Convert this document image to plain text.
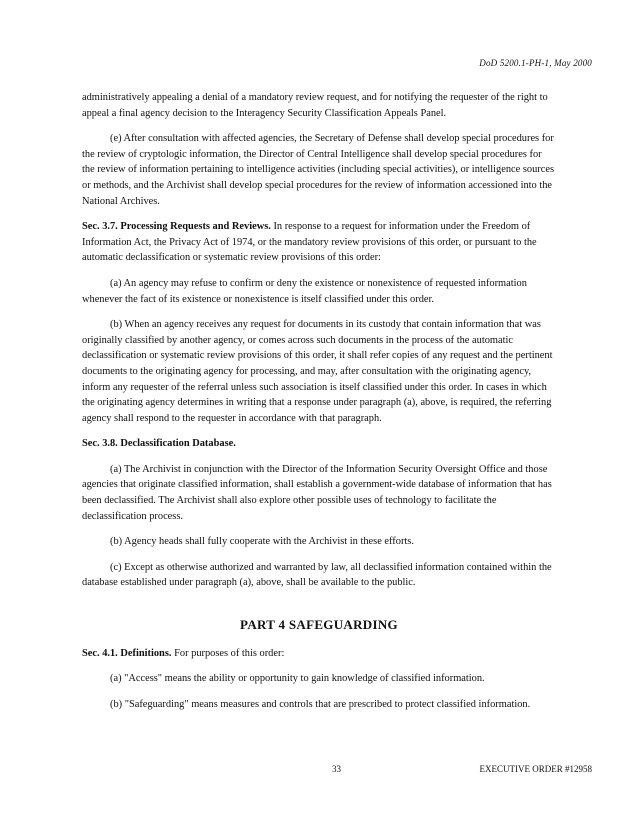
DoD 5200.1-PH-1, May 2000

administratively appealing a denial of a mandatory review request, and for notifying the requester of the right to appeal a final agency decision to the Interagency Security Classification Appeals Panel.

(e) After consultation with affected agencies, the Secretary of Defense shall develop special procedures for the review of cryptologic information, the Director of Central Intelligence shall develop special procedures for the review of information pertaining to intelligence activities (including special activities), or intelligence sources or methods, and the Archivist shall develop special procedures for the review of information accessioned into the National Archives.

Sec. 3.7. Processing Requests and Reviews. In response to a request for information under the Freedom of Information Act, the Privacy Act of 1974, or the mandatory review provisions of this order, or pursuant to the automatic declassification or systematic review provisions of this order:

(a) An agency may refuse to confirm or deny the existence or nonexistence of requested information whenever the fact of its existence or nonexistence is itself classified under this order.

(b) When an agency receives any request for documents in its custody that contain information that was originally classified by another agency, or comes across such documents in the process of the automatic declassification or systematic review provisions of this order, it shall refer copies of any request and the pertinent documents to the originating agency for processing, and may, after consultation with the originating agency, inform any requester of the referral unless such association is itself classified under this order. In cases in which the originating agency determines in writing that a response under paragraph (a), above, is required, the referring agency shall respond to the requester in accordance with that paragraph.

Sec. 3.8. Declassification Database.

(a) The Archivist in conjunction with the Director of the Information Security Oversight Office and those agencies that originate classified information, shall establish a government-wide database of information that has been declassified. The Archivist shall also explore other possible uses of technology to facilitate the declassification process.

(b) Agency heads shall fully cooperate with the Archivist in these efforts.

(c) Except as otherwise authorized and warranted by law, all declassified information contained within the database established under paragraph (a), above, shall be available to the public.

PART 4 SAFEGUARDING

Sec. 4.1. Definitions. For purposes of this order:

(a) "Access" means the ability or opportunity to gain knowledge of classified information.

(b) "Safeguarding" means measures and controls that are prescribed to protect classified information.

33	EXECUTIVE ORDER #12958
